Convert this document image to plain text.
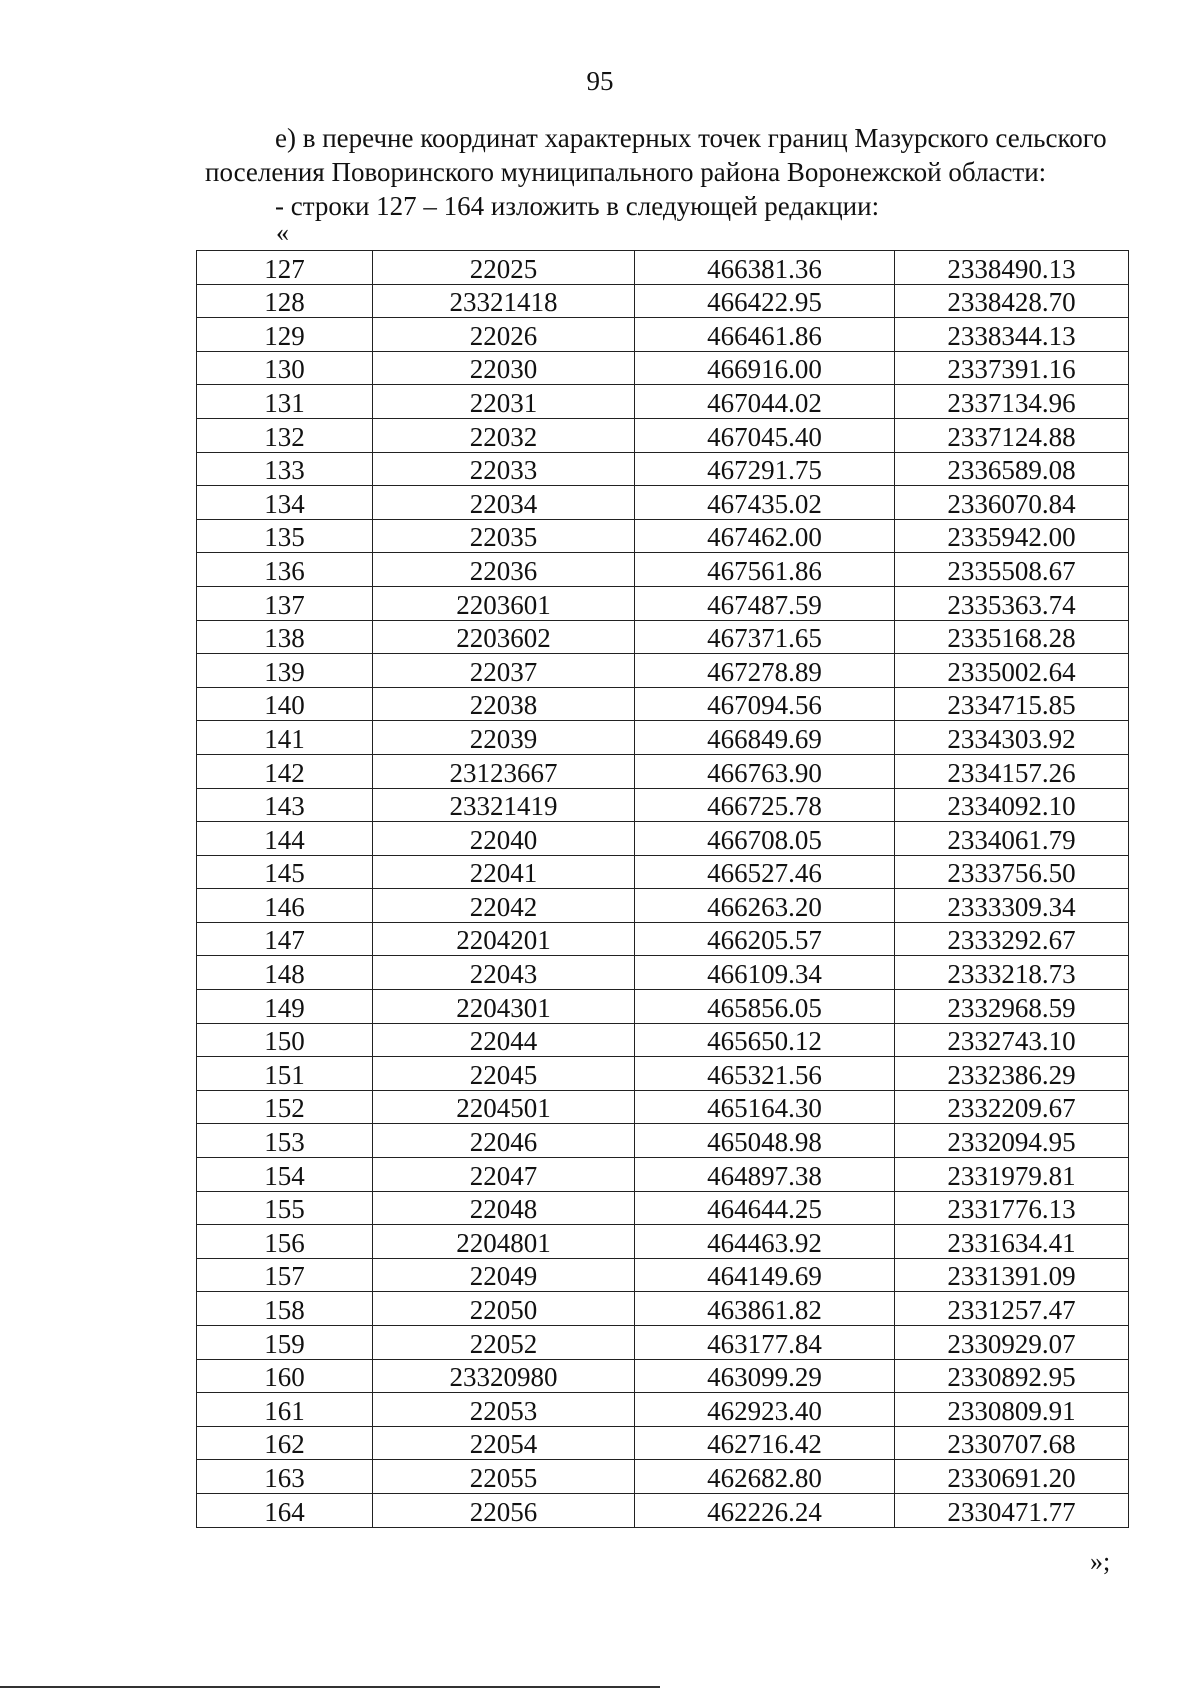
95
е) в перечне координат характерных точек границ Мазурского сельского
поселения Поворинского муниципального района Воронежской области:
- строки 127 – 164 изложить в следующей редакции:
«
127	22025	466381.36	2338490.13
128	23321418	466422.95	2338428.70
129	22026	466461.86	2338344.13
130	22030	466916.00	2337391.16
131	22031	467044.02	2337134.96
132	22032	467045.40	2337124.88
133	22033	467291.75	2336589.08
134	22034	467435.02	2336070.84
135	22035	467462.00	2335942.00
136	22036	467561.86	2335508.67
137	2203601	467487.59	2335363.74
138	2203602	467371.65	2335168.28
139	22037	467278.89	2335002.64
140	22038	467094.56	2334715.85
141	22039	466849.69	2334303.92
142	23123667	466763.90	2334157.26
143	23321419	466725.78	2334092.10
144	22040	466708.05	2334061.79
145	22041	466527.46	2333756.50
146	22042	466263.20	2333309.34
147	2204201	466205.57	2333292.67
148	22043	466109.34	2333218.73
149	2204301	465856.05	2332968.59
150	22044	465650.12	2332743.10
151	22045	465321.56	2332386.29
152	2204501	465164.30	2332209.67
153	22046	465048.98	2332094.95
154	22047	464897.38	2331979.81
155	22048	464644.25	2331776.13
156	2204801	464463.92	2331634.41
157	22049	464149.69	2331391.09
158	22050	463861.82	2331257.47
159	22052	463177.84	2330929.07
160	23320980	463099.29	2330892.95
161	22053	462923.40	2330809.91
162	22054	462716.42	2330707.68
163	22055	462682.80	2330691.20
164	22056	462226.24	2330471.77
»;
